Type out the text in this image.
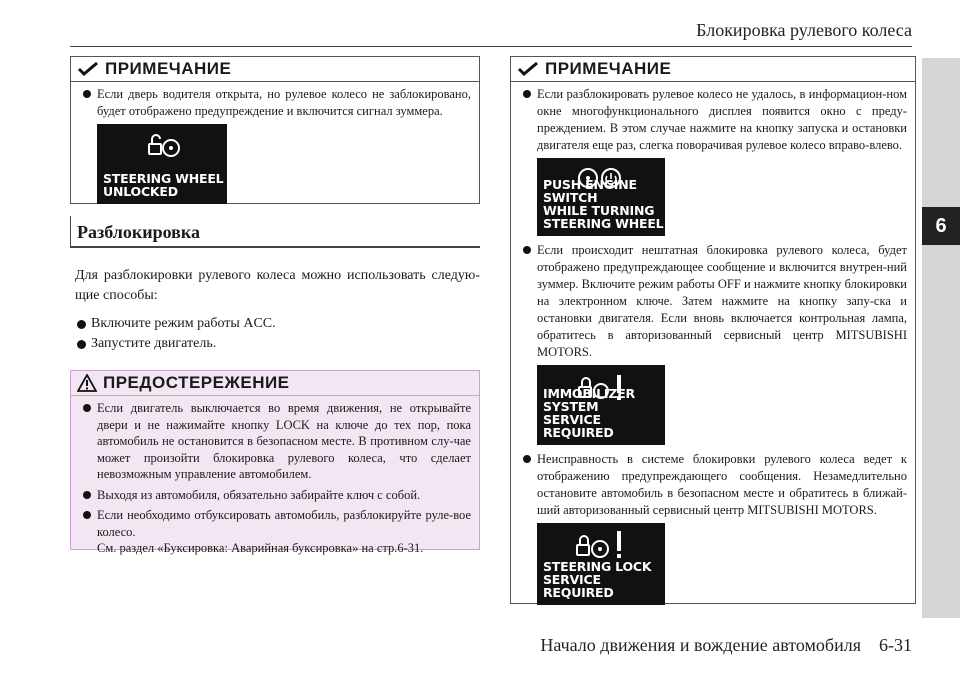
Блокировка рулевого колеса
6
ПРИМЕЧАНИЕ
Если дверь водителя открыта, но рулевое колесо не заблокировано, будет отображено предупреждение и включится сигнал зуммера.
STEERING WHEEL
UNLOCKED
Разблокировка
Для разблокировки рулевого колеса можно использовать следую-щие способы:
Включите режим работы ACC.
Запустите двигатель.
ПРЕДОСТЕРЕЖЕНИЕ
Если двигатель выключается во время движения, не открывайте двери и не нажимайте кнопку LOCK на ключе до тех пор, пока автомобиль не остановится в безопасном месте. В противном слу-чае может произойти блокировка рулевого колеса, что сделает невозможным управление автомобилем.
Выходя из автомобиля, обязательно забирайте ключ с собой.
Если необходимо отбуксировать автомобиль, разблокируйте руле-вое колесо.
См. раздел «Буксировка: Аварийная буксировка» на стр.6-31.
ПРИМЕЧАНИЕ
Если разблокировать рулевое колесо не удалось, в информацион-ном окне многофункционального дисплея появится окно с преду-преждением. В этом случае нажмите на кнопку запуска и остановки двигателя еще раз, слегка поворачивая рулевое колесо вправо-влево.
PUSH ENGINE SWITCH
WHILE TURNING
STEERING WHEEL
Если происходит нештатная блокировка рулевого колеса, будет отображено предупреждающее сообщение и включится внутрен-ний зуммер. Включите режим работы OFF и нажмите кнопку блокировки на электронном ключе. Затем нажмите на кнопку запу-ска и остановки двигателя. Если вновь включается контрольная лампа, обратитесь в авторизованный сервисный центр MITSUBISHI MOTORS.
IMMOBILIZER SYSTEM
SERVICE REQUIRED
Неисправность в системе блокировки рулевого колеса ведет к отображению предупреждающего сообщения. Незамедлительно остановите автомобиль в безопасном месте и обратитесь в ближай-ший авторизованный сервисный центр MITSUBISHI MOTORS.
STEERING LOCK
SERVICE REQUIRED
Начало движения и вождение автомобиля 6-31
